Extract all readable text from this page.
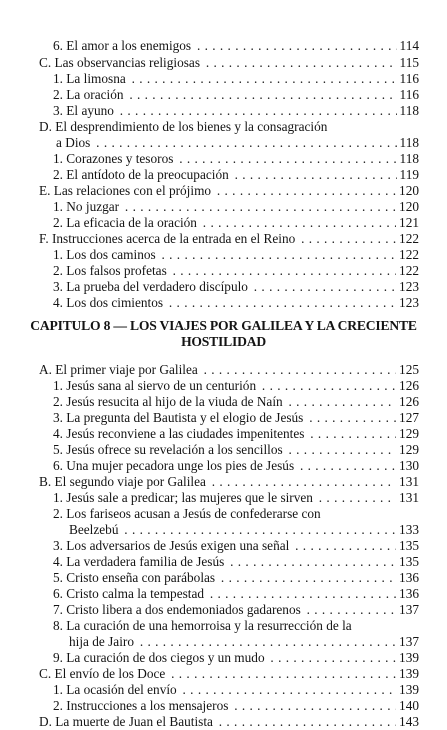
6. El amor a los enemigos . . .	114
C. Las observancias religiosas . . .	115
1. La limosna . . .	116
2. La oración . . .	116
3. El ayuno . . .	118
D. El desprendimiento de los bienes y la consagración
a Dios . . .	118
1. Corazones y tesoros . . .	118
2. El antídoto de la preocupación . . .	119
E. Las relaciones con el prójimo . . .	120
1. No juzgar . . .	120
2. La eficacia de la oración . . .	121
F. Instrucciones acerca de la entrada en el Reino . . .	122
1. Los dos caminos . . .	122
2. Los falsos profetas . . .	122
3. La prueba del verdadero discípulo . . .	123
4. Los dos cimientos . . .	123
CAPITULO 8 — LOS VIAJES POR GALILEA Y LA CRECIENTE
HOSTILIDAD
A. El primer viaje por Galilea . . .	125
1. Jesús sana al siervo de un centurión . . .	126
2. Jesús resucita al hijo de la viuda de Naín . . .	126
3. La pregunta del Bautista y el elogio de Jesús . . .	127
4. Jesús reconviene a las ciudades impenitentes . . .	129
5. Jesús ofrece su revelación a los sencillos . . .	129
6. Una mujer pecadora unge los pies de Jesús . . .	130
B. El segundo viaje por Galilea . . .	131
1. Jesús sale a predicar; las mujeres que le sirven . . .	131
2. Los fariseos acusan a Jesús de confederarse con
Beelzebú . . .	133
3. Los adversarios de Jesús exigen una señal . . .	135
4. La verdadera familia de Jesús . . .	135
5. Cristo enseña con parábolas . . .	136
6. Cristo calma la tempestad . . .	136
7. Cristo libera a dos endemoniados gadarenos . . .	137
8. La curación de una hemorroisa y la resurrección de la
hija de Jairo . . .	137
9. La curación de dos ciegos y un mudo . . .	139
C. El envío de los Doce . . .	139
1. La ocasión del envío . . .	139
2. Instrucciones a los mensajeros . . .	140
D. La muerte de Juan el Bautista . . .	143
